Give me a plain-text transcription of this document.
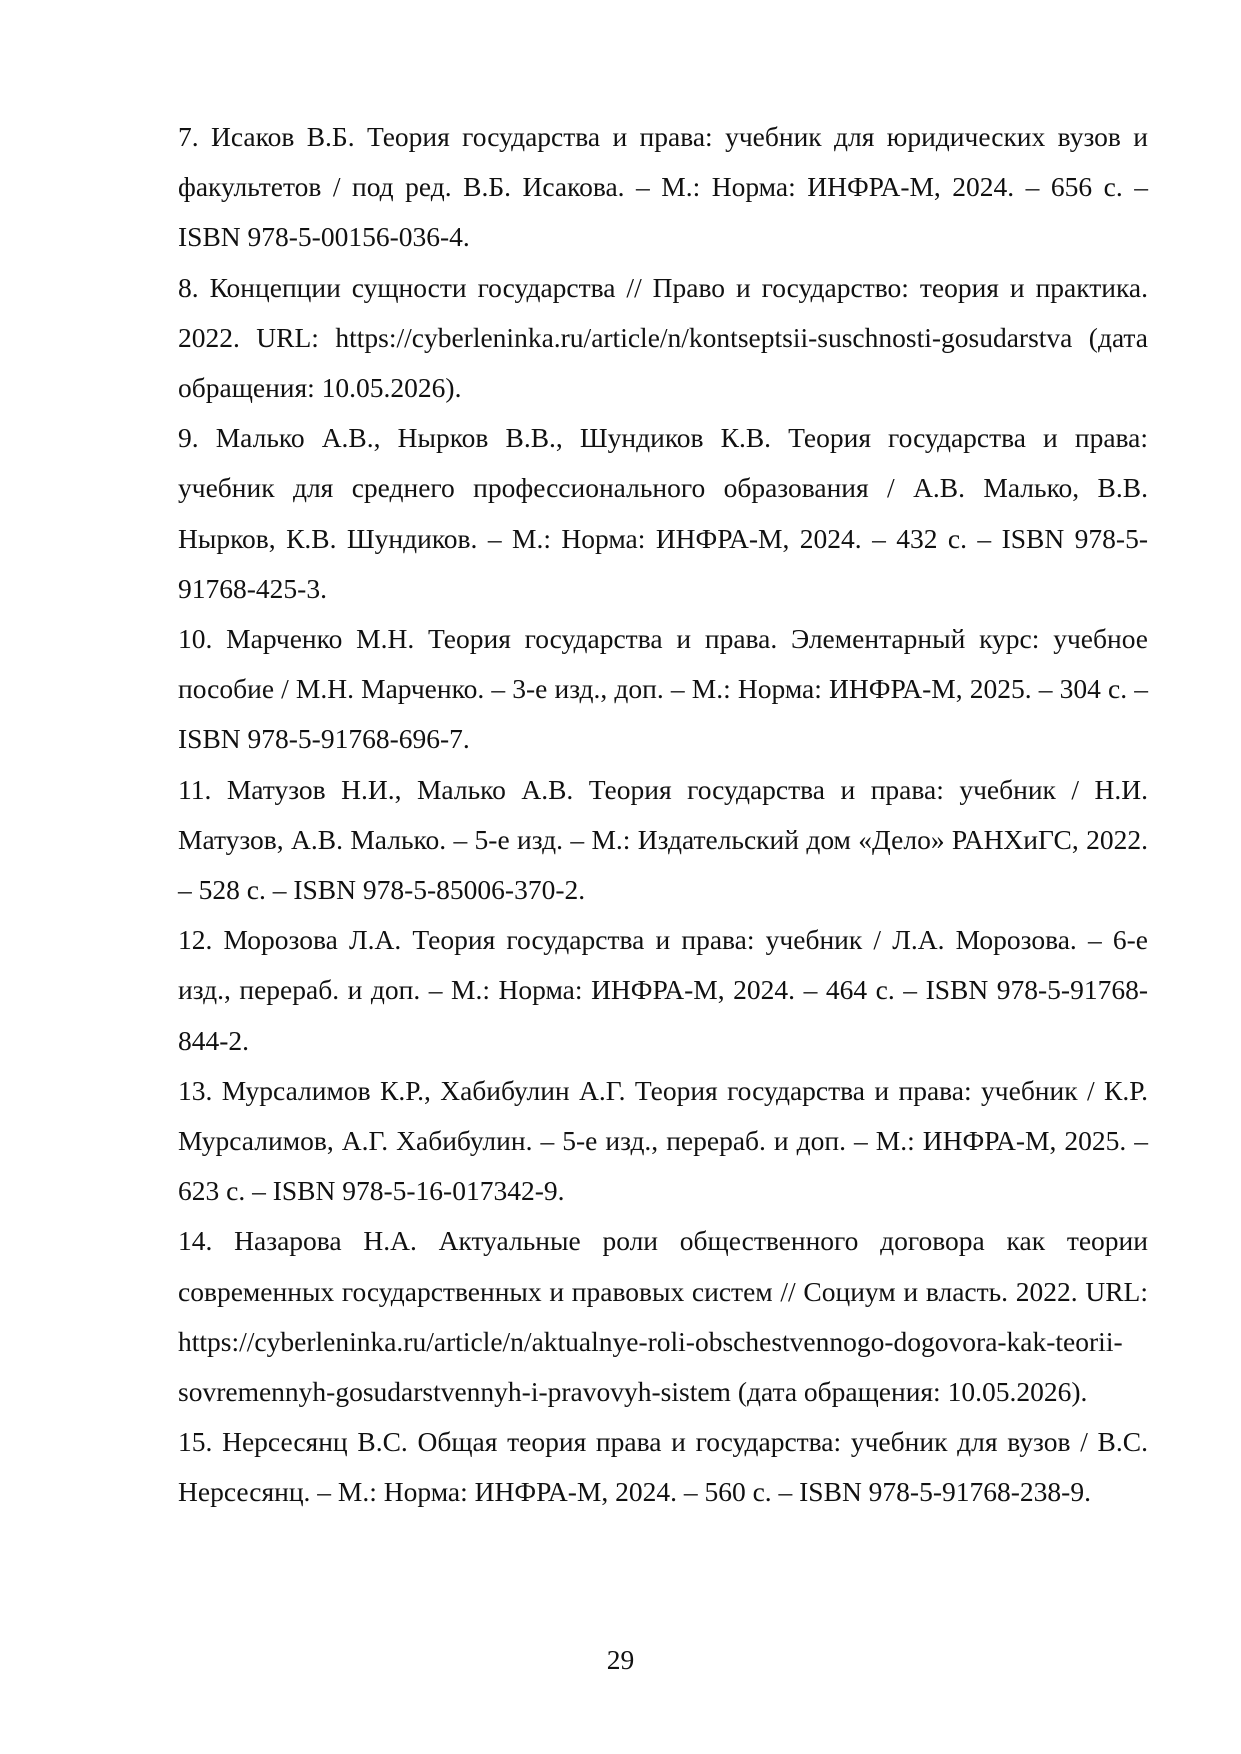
7. Исаков В.Б. Теория государства и права: учебник для юридических вузов и факультетов / под ред. В.Б. Исакова. – М.: Норма: ИНФРА-М, 2024. – 656 с. – ISBN 978-5-00156-036-4.
8. Концепции сущности государства // Право и государство: теория и практика. 2022. URL: https://cyberleninka.ru/article/n/kontseptsii-suschnosti-gosudarstva (дата обращения: 10.05.2026).
9. Малько А.В., Нырков В.В., Шундиков К.В. Теория государства и права: учебник для среднего профессионального образования / А.В. Малько, В.В. Нырков, К.В. Шундиков. – М.: Норма: ИНФРА-М, 2024. – 432 с. – ISBN 978-5-91768-425-3.
10. Марченко М.Н. Теория государства и права. Элементарный курс: учебное пособие / М.Н. Марченко. – 3-е изд., доп. – М.: Норма: ИНФРА-М, 2025. – 304 с. – ISBN 978-5-91768-696-7.
11. Матузов Н.И., Малько А.В. Теория государства и права: учебник / Н.И. Матузов, А.В. Малько. – 5-е изд. – М.: Издательский дом «Дело» РАНХиГС, 2022. – 528 с. – ISBN 978-5-85006-370-2.
12. Морозова Л.А. Теория государства и права: учебник / Л.А. Морозова. – 6-е изд., перераб. и доп. – М.: Норма: ИНФРА-М, 2024. – 464 с. – ISBN 978-5-91768-844-2.
13. Мурсалимов К.Р., Хабибулин А.Г. Теория государства и права: учебник / К.Р. Мурсалимов, А.Г. Хабибулин. – 5-е изд., перераб. и доп. – М.: ИНФРА-М, 2025. – 623 с. – ISBN 978-5-16-017342-9.
14. Назарова Н.А. Актуальные роли общественного договора как теории современных государственных и правовых систем // Социум и власть. 2022. URL: https://cyberleninka.ru/article/n/aktualnye-roli-obschestvennogo-dogovora-kak-teorii-sovremennyh-gosudarstvennyh-i-pravovyh-sistem (дата обращения: 10.05.2026).
15. Нерсесянц В.С. Общая теория права и государства: учебник для вузов / В.С. Нерсесянц. – М.: Норма: ИНФРА-М, 2024. – 560 с. – ISBN 978-5-91768-238-9.
29
